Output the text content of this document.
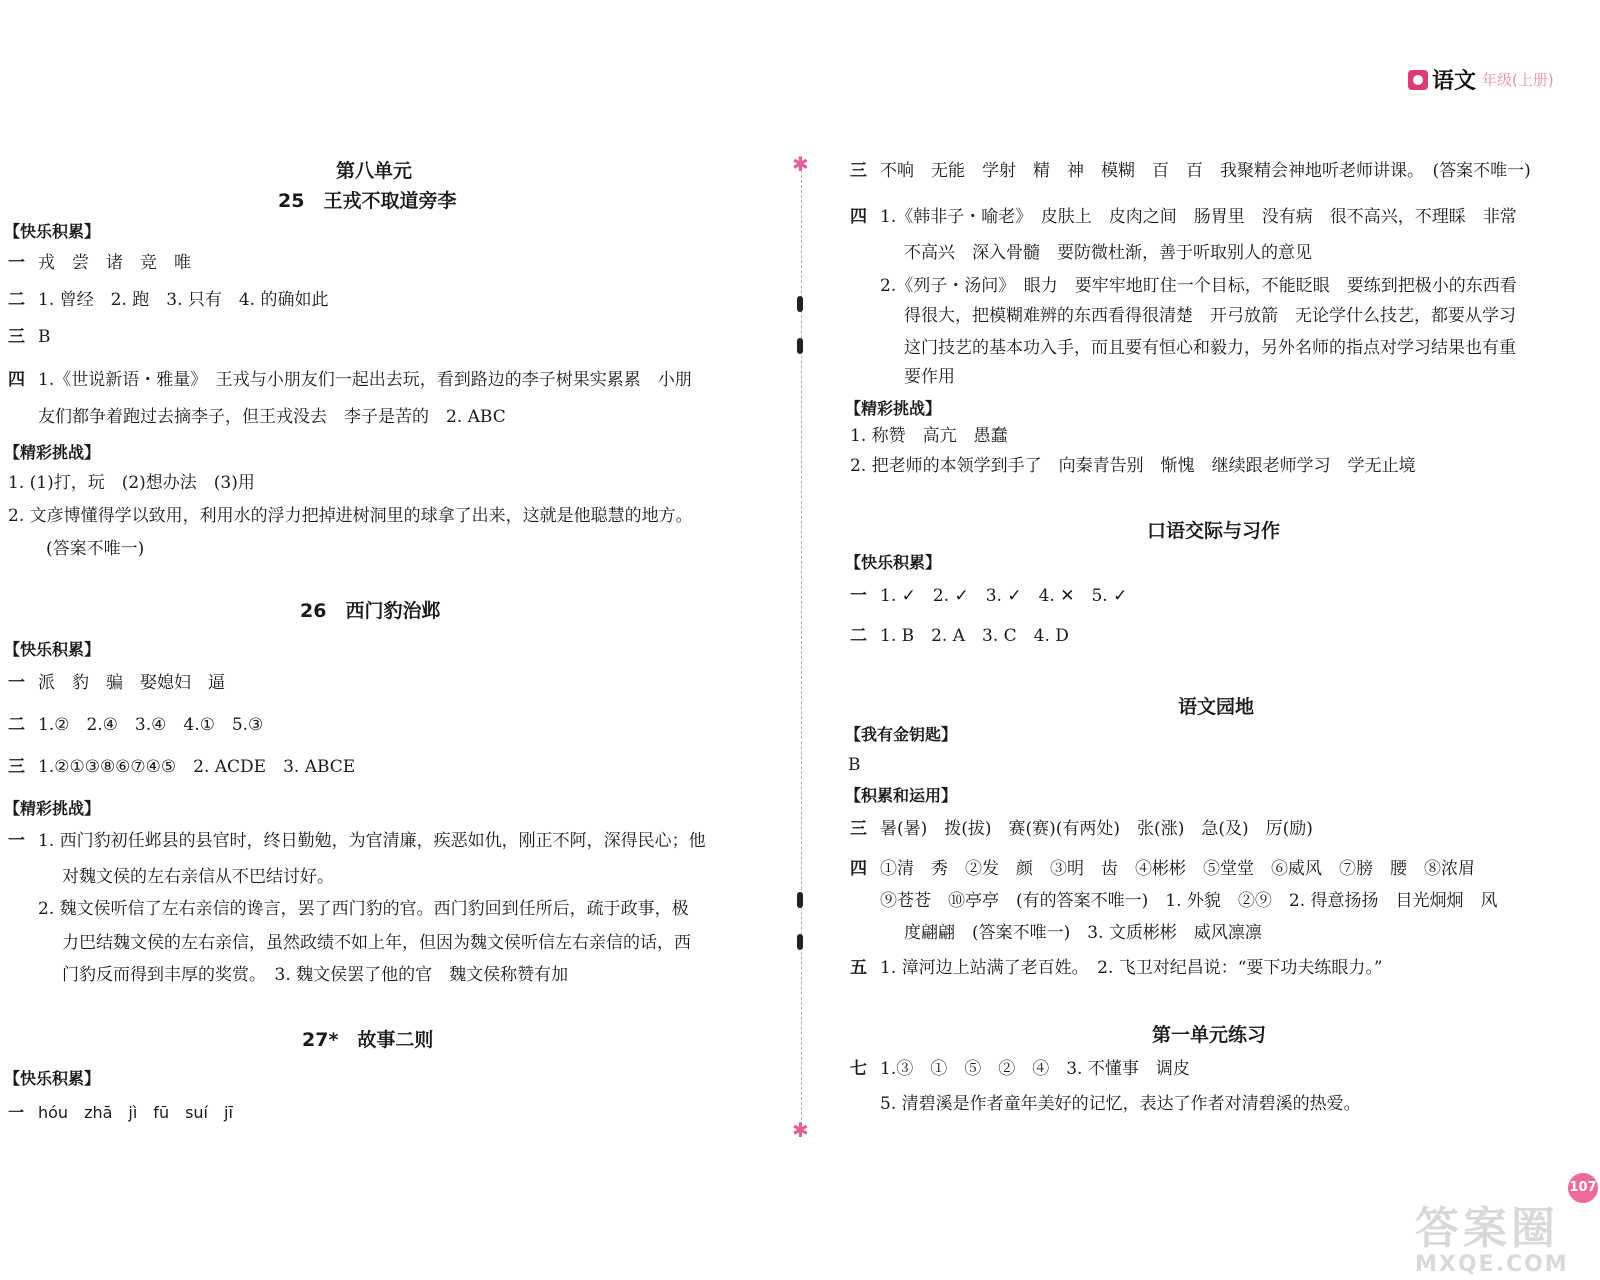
语文 年级(上册)
✱
✱
第八单元
25　王戎不取道旁李
【快乐积累】
一 戎　尝　诸　竞　唯
二 1. 曾经　2. 跑　3. 只有　4. 的确如此
三 B
四 1.《世说新语・雅量》　王戎与小朋友们一起出去玩，看到路边的李子树果实累累　小朋
友们都争着跑过去摘李子，但王戎没去　李子是苦的　2. ABC
【精彩挑战】
1. (1)打，玩　(2)想办法　(3)用
2. 文彦博懂得学以致用，利用水的浮力把掉进树洞里的球拿了出来，这就是他聪慧的地方。
(答案不唯一)
26　西门豹治邺
【快乐积累】
一 派　豹　骗　娶媳妇　逼
二 1.②　2.④　3.④　4.①　5.③
三 1.②①③⑧⑥⑦④⑤　2. ACDE　3. ABCE
【精彩挑战】
一 1. 西门豹初任邺县的县官时，终日勤勉，为官清廉，疾恶如仇，刚正不阿，深得民心；他
对魏文侯的左右亲信从不巴结讨好。
2. 魏文侯听信了左右亲信的谗言，罢了西门豹的官。西门豹回到任所后，疏于政事，极
力巴结魏文侯的左右亲信，虽然政绩不如上年，但因为魏文侯听信左右亲信的话，西
门豹反而得到丰厚的奖赏。　3. 魏文侯罢了他的官　魏文侯称赞有加
27*　故事二则
【快乐积累】
一 hóu　zhā　jì　fū　suí　jī
三 不响　无能　学射　精　神　模糊　百　百　我聚精会神地听老师讲课。　(答案不唯一)
四 1.《韩非子・喻老》　皮肤上　皮肉之间　肠胃里　没有病　很不高兴，不理睬　非常
不高兴　深入骨髓　要防微杜渐，善于听取别人的意见
2.《列子・汤问》　眼力　要牢牢地盯住一个目标，不能眨眼　要练到把极小的东西看
得很大，把模糊难辨的东西看得很清楚　开弓放箭　无论学什么技艺，都要从学习
这门技艺的基本功入手，而且要有恒心和毅力，另外名师的指点对学习结果也有重
要作用
【精彩挑战】
1. 称赞　高亢　愚蠢
2. 把老师的本领学到手了　向秦青告别　惭愧　继续跟老师学习　学无止境
口语交际与习作
【快乐积累】
一 1. ✓　2. ✓　3. ✓　4. ✕　5. ✓
二 1. B　2. A　3. C　4. D
语文园地
【我有金钥匙】
B
【积累和运用】
三 暑(暑)　拨(拔)　赛(赛)(有两处)　张(涨)　急(及)　厉(励)
四 ①清　秀　②发　颜　③明　齿　④彬彬　⑤堂堂　⑥威风　⑦膀　腰　⑧浓眉
⑨苍苍　⑩亭亭　(有的答案不唯一)　1. 外貌　②⑨　2. 得意扬扬　目光炯炯　风
度翩翩　(答案不唯一)　3. 文质彬彬　威风凛凛
五 1. 漳河边上站满了老百姓。　2. 飞卫对纪昌说：“要下功夫练眼力。”
第一单元练习
七 1.③　①　⑤　②　④　3. 不懂事　调皮
5. 清碧溪是作者童年美好的记忆，表达了作者对清碧溪的热爱。
答案圈
MXQE.COM
107
